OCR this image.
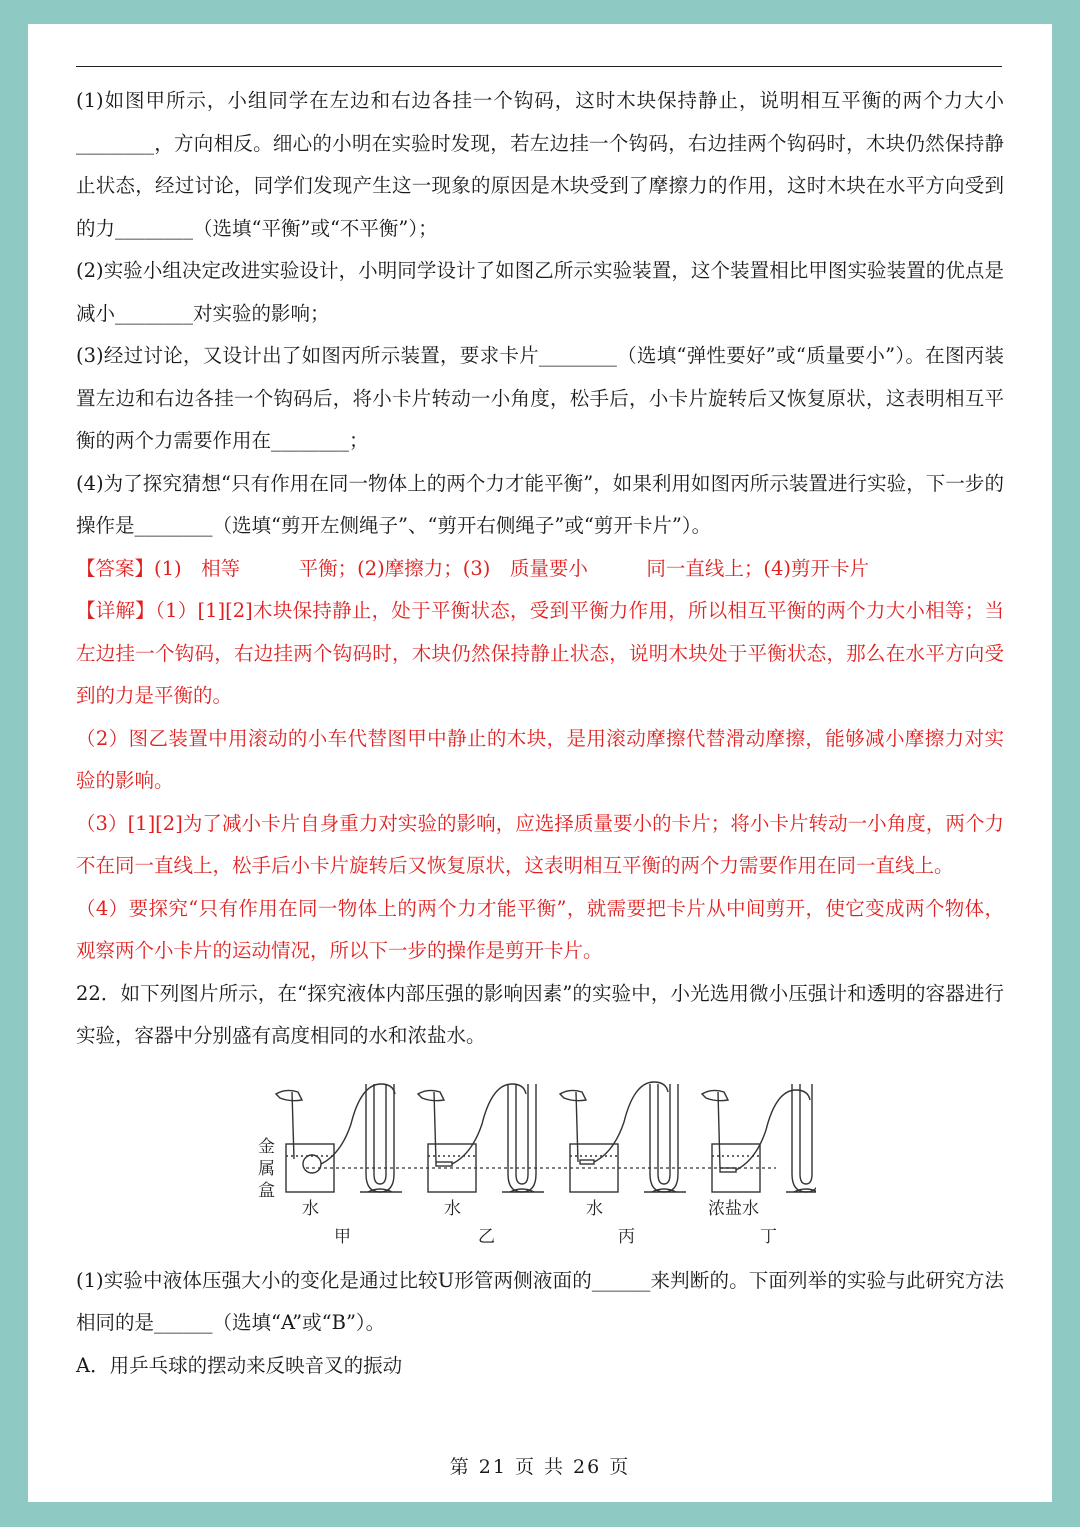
(1)如图甲所示，小组同学在左边和右边各挂一个钩码，这时木块保持静止，说明相互平衡的两个力大小________，方向相反。细心的小明在实验时发现，若左边挂一个钩码，右边挂两个钩码时，木块仍然保持静止状态，经过讨论，同学们发现产生这一现象的原因是木块受到了摩擦力的作用，这时木块在水平方向受到的力________（选填“平衡”或“不平衡”）；

(2)实验小组决定改进实验设计，小明同学设计了如图乙所示实验装置，这个装置相比甲图实验装置的优点是减小________对实验的影响；

(3)经过讨论，又设计出了如图丙所示装置，要求卡片________（选填“弹性要好”或“质量要小”）。在图丙装置左边和右边各挂一个钩码后，将小卡片转动一小角度，松手后，小卡片旋转后又恢复原状，这表明相互平衡的两个力需要作用在________；

(4)为了探究猜想“只有作用在同一物体上的两个力才能平衡”，如果利用如图丙所示装置进行实验，下一步的操作是________（选填“剪开左侧绳子”、“剪开右侧绳子”或“剪开卡片”）。

【答案】(1)　相等　　　平衡；(2)摩擦力；(3)　质量要小　　　同一直线上；(4)剪开卡片

【详解】（1）[1][2]木块保持静止，处于平衡状态，受到平衡力作用，所以相互平衡的两个力大小相等；当左边挂一个钩码，右边挂两个钩码时，木块仍然保持静止状态，说明木块处于平衡状态，那么在水平方向受到的力是平衡的。

（2）图乙装置中用滚动的小车代替图甲中静止的木块，是用滚动摩擦代替滑动摩擦，能够减小摩擦力对实验的影响。

（3）[1][2]为了减小卡片自身重力对实验的影响，应选择质量要小的卡片；将小卡片转动一小角度，两个力不在同一直线上，松手后小卡片旋转后又恢复原状，这表明相互平衡的两个力需要作用在同一直线上。

（4）要探究“只有作用在同一物体上的两个力才能平衡”，就需要把卡片从中间剪开，使它变成两个物体，观察两个小卡片的运动情况，所以下一步的操作是剪开卡片。

22．如下列图片所示，在“探究液体内部压强的影响因素”的实验中，小光选用微小压强计和透明的容器进行实验，容器中分别盛有高度相同的水和浓盐水。

金
属
盒
水	水	水	浓盐水
甲	乙	丙	丁

(1)实验中液体压强大小的变化是通过比较U形管两侧液面的______来判断的。下面列举的实验与此研究方法相同的是______（选填“A”或“B”）。

A．用乒乓球的摆动来反映音叉的振动

第 21 页 共 26 页
